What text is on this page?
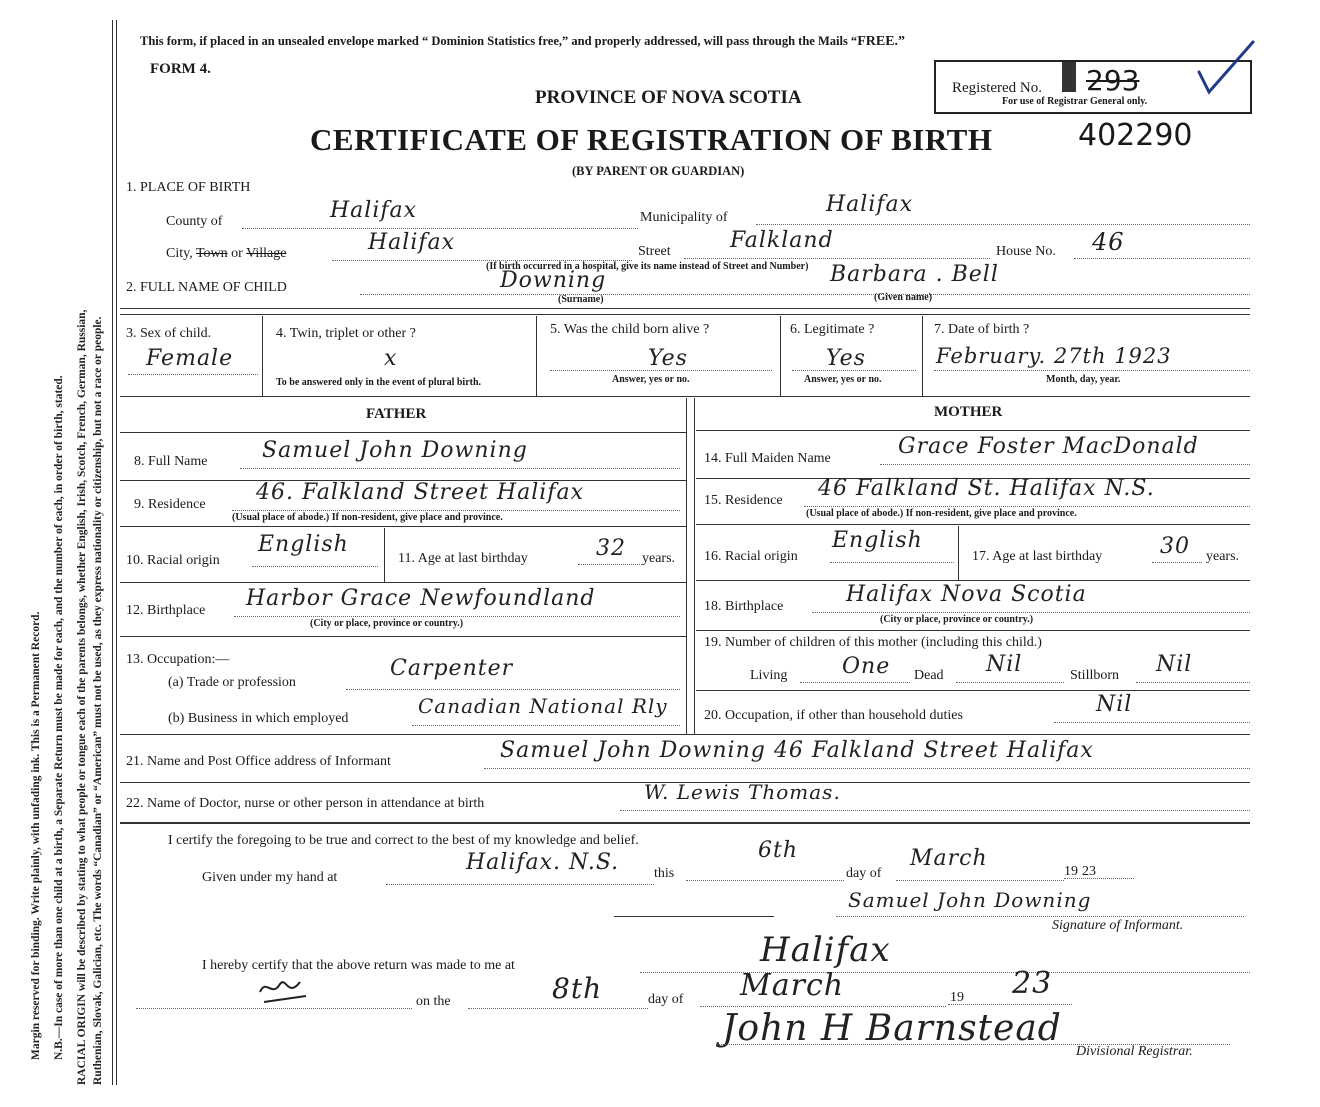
Margin reserved for binding. Write plainly, with unfading ink. This is a Permanent Record. N.B.—In case of more than one child at a birth, a Separate Return must be made for each, and the number of each, in order of birth, stated. RACIAL ORIGIN will be described by stating to what people or tongue each of the parents belongs, whether English, Irish, Scotch, French, German, Russian, Ruthenian, Slovak, Galician, etc. The words “Canadian” or “American” must not be used, as they express nationality or citizenship, but not a race or people.
This form, if placed in an unsealed envelope marked “ Dominion Statistics free,” and properly addressed, will pass through the Mails “FREE.”
FORM 4.
PROVINCE OF NOVA SCOTIA	Registered No. 293
For use of Registrar General only.
CERTIFICATE OF REGISTRATION OF BIRTH	402290
(BY PARENT OR GUARDIAN)
1. PLACE OF BIRTH
County of	Halifax	Municipality of
Halifax
City, Town or Village	Halifax	Street	Falkland	House No. 46
(If birth occurred in a hospital, give its name instead of Street and Number)
2. FULL NAME OF CHILD	Downing	Barbara . Bell
(Surname)	(Given name)
3. Sex of child.
Female
4. Twin, triplet or other ?
x
To be answered only in the event of plural birth.
5. Was the child born alive ?
Yes
Answer, yes or no.
6. Legitimate ?
Yes
Answer, yes or no.
7. Date of birth ?
February. 27th 1923
Month, day, year.
FATHER	MOTHER
8. Full Name Samuel John Downing
9. Residence 46. Falkland Street Halifax
(Usual place of abode.) If non-resident, give place and province.
10. Racial origin
English
11. Age at last birthday	32 years.
12. Birthplace Harbor Grace Newfoundland
(City or place, province or country.)
13. Occupation:—
(a) Trade or profession
Carpenter
(b) Business in which employed
Canadian National Rly
14. Full Maiden Name	Grace Foster MacDonald
15. Residence 46 Falkland St. Halifax N.S.
(Usual place of abode.) If non-resident, give place and province.
16. Racial origin
English
17. Age at last birthday	30 years.
18. Birthplace	Halifax Nova Scotia
(City or place, province or country.)
19. Number of children of this mother (including this child.)
Living One Dead Nil	Stillborn Nil
20. Occupation, if other than household duties	Nil
21. Name and Post Office address of Informant	Samuel John Downing 46 Falkland Street Halifax
22. Name of Doctor, nurse or other person in attendance at birth	W. Lewis Thomas.
I certify the foregoing to be true and correct to the best of my knowledge and belief.
Given under my hand at
Halifax. N.S. this
6th
day of
March
19 23
Samuel John Downing
Signature of Informant.
I hereby certify that the above return was made to me at	Halifax
on the	8th	day of March	19 23
John H Barnstead
Divisional Registrar.
